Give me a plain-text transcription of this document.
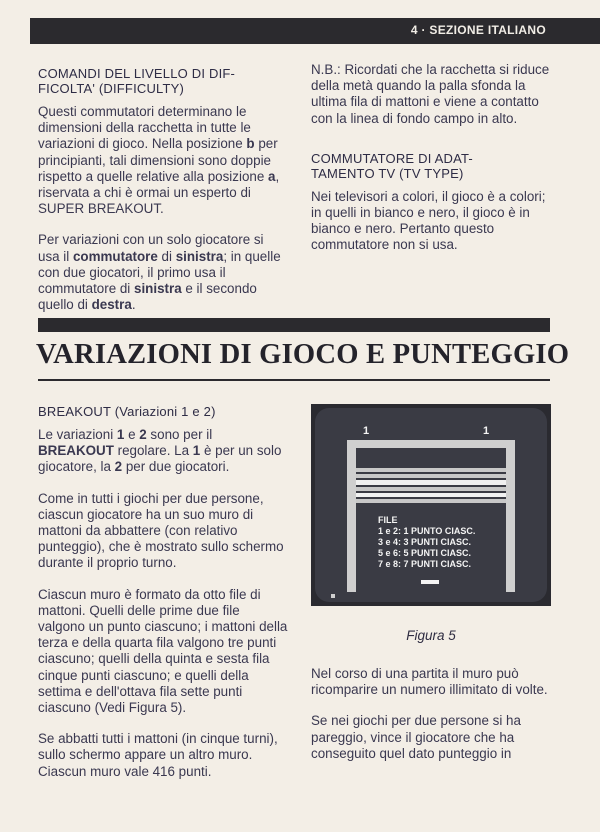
4 · SEZIONE ITALIANO
COMANDI DEL LIVELLO DI DIF-
FICOLTA' (DIFFICULTY)

Questi commutatori determinano le dimensioni della racchetta in tutte le variazioni di gioco. Nella posizione b per principianti, tali dimensioni sono doppie rispetto a quelle relative alla posizione a, riservata a chi è ormai un esperto di SUPER BREAKOUT.

Per variazioni con un solo giocatore si usa il commutatore di sinistra; in quelle con due giocatori, il primo usa il commutatore di sinistra e il secondo quello di destra.

N.B.: Ricordati che la racchetta si riduce della metà quando la palla sfonda la ultima fila di mattoni e viene a contatto con la linea di fondo campo in alto.

COMMUTATORE DI ADAT-
TAMENTO TV (TV TYPE)

Nei televisori a colori, il gioco è a colori; in quelli in bianco e nero, il gioco è in bianco e nero. Pertanto questo commutatore non si usa.

VARIAZIONI DI GIOCO E PUNTEGGIO
BREAKOUT (Variazioni 1 e 2)

Le variazioni 1 e 2 sono per il BREAKOUT regolare. La 1 è per un solo giocatore, la 2 per due giocatori.

Come in tutti i giochi per due persone, ciascun giocatore ha un suo muro di mattoni da abbattere (con relativo punteggio), che è mostrato sullo schermo durante il proprio turno.

Ciascun muro è formato da otto file di mattoni. Quelli delle prime due file valgono un punto ciascuno; i mattoni della terza e della quarta fila valgono tre punti ciascuno; quelli della quinta e sesta fila cinque punti ciascuno; e quelli della settima e dell'ottava fila sette punti ciascuno (Vedi Figura 5).

Se abbatti tutti i mattoni (in cinque turni), sullo schermo appare un altro muro. Ciascun muro vale 416 punti.

1	1
FILE
1 e 2: 1 PUNTO CIASC.
3 e 4: 3 PUNTI CIASC.
5 e 6: 5 PUNTI CIASC.
7 e 8: 7 PUNTI CIASC.
Figura 5

Nel corso di una partita il muro può ricomparire un numero illimitato di volte.

Se nei giochi per due persone si ha pareggio, vince il giocatore che ha conseguito quel dato punteggio in
